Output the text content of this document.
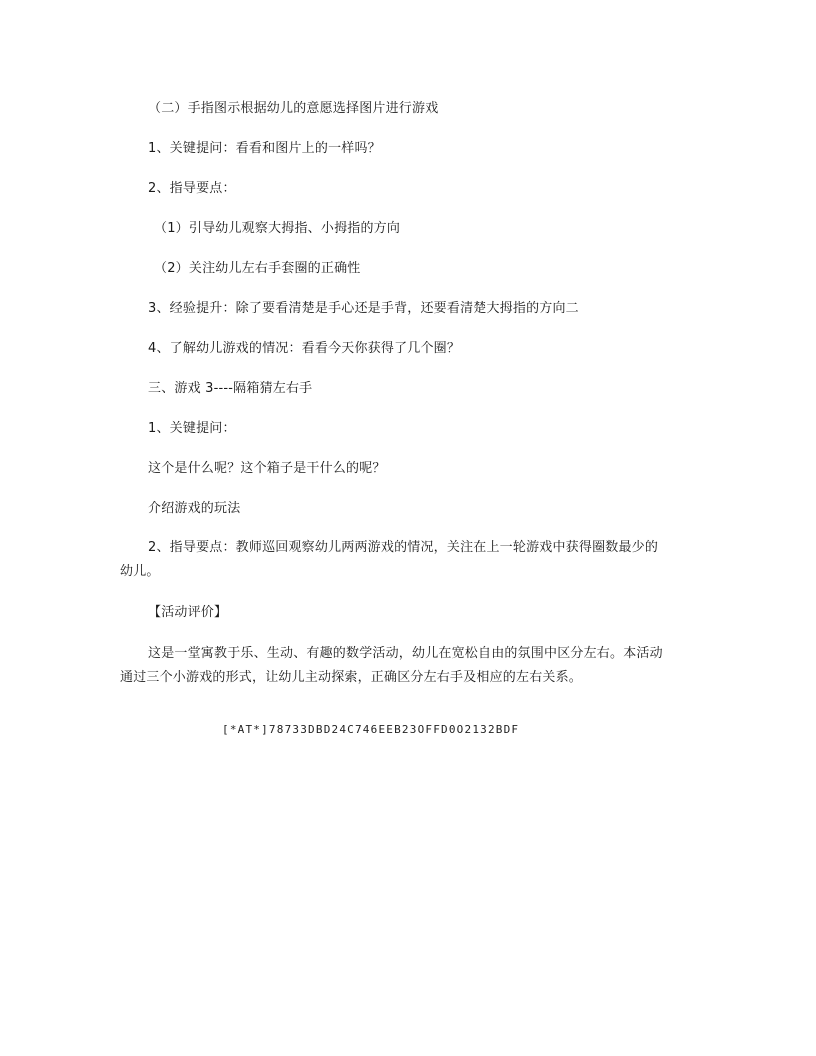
（二）手指图示根据幼儿的意愿选择图片进行游戏
1、关键提问：看看和图片上的一样吗？
2、指导要点：
（1）引导幼儿观察大拇指、小拇指的方向
（2）关注幼儿左右手套圈的正确性
3、经验提升：除了要看清楚是手心还是手背，还要看清楚大拇指的方向二
4、了解幼儿游戏的情况：看看今天你获得了几个圈？
三、游戏 3----隔箱猜左右手
1、关键提问：
这个是什么呢？这个箱子是干什么的呢？
介绍游戏的玩法
2、指导要点：教师巡回观察幼儿两两游戏的情况，关注在上一轮游戏中获得圈数最少的幼儿。
【活动评价】
这是一堂寓教于乐、生动、有趣的数学活动，幼儿在宽松自由的氛围中区分左右。本活动通过三个小游戏的形式，让幼儿主动探索，正确区分左右手及相应的左右关系。
[*AT*]78733DBD24C746EEB23OFFD0O2132BDF
